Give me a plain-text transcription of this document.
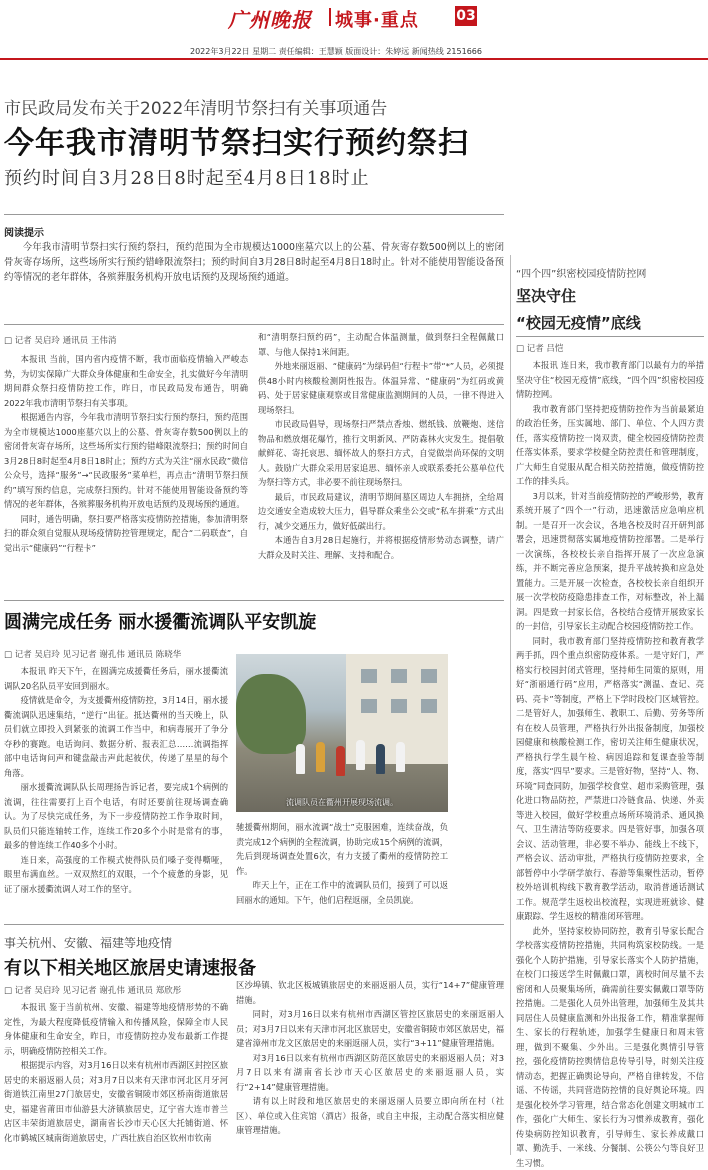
广州晚报 城事·重点	03
2022年3月22日 星期二 责任编辑：王慧颖 版面设计：朱婷远 新闻热线 2151666
市民政局发布关于2022年清明节祭扫有关事项通告
今年我市清明节祭扫实行预约祭扫
预约时间自3月28日8时起至4月8日18时止
阅读提示
今年我市清明节祭扫实行预约祭扫，预约范围为全市规模达1000座墓穴以上的公墓、骨灰寄存数500例以上的密闭骨灰寄存场所，这些场所实行预约错峰限流祭扫；预约时间自3月28日8时起至4月8日18时止。针对不能使用智能设备预约等情况的老年群体，各殡葬服务机构开放电话预约及现场预约通道。
□ 记者 吴启玲 通讯员 王伟消

本报讯 当前，国内省内疫情不断，我市面临疫情输入严峻态势，为切实保障广大群众身体健康和生命安全，扎实做好今年清明期间群众祭扫疫情防控工作，昨日，市民政局发布通告，明确2022年我市清明节祭扫有关事项。

根据通告内容，今年我市清明节祭扫实行预约祭扫，预约范围为全市规模达1000座墓穴以上的公墓、骨灰寄存数500例以上的密闭骨灰寄存场所，这些场所实行预约错峰限流祭扫；预约时间自3月28日8时起至4月8日18时止；预约方式为关注“丽水民政”微信公众号，选择“服务”→“民政服务”菜单栏，再点击“清明节祭扫预约”填写预约信息，完成祭扫预约。针对不能使用智能设备预约等情况的老年群体，各殡葬服务机构开放电话预约及现场预约通道。

同时，通告明确，祭扫要严格落实疫情防控措施，参加清明祭扫的群众须自觉服从现场疫情防控管理规定，配合“二码联查”，自觉出示“健康码”“行程卡”

和“清明祭扫预约码”，主动配合体温测量，做到祭扫全程佩戴口罩、与他人保持1米间距。

外地来丽返丽、“健康码”为绿码但“行程卡”带“*”人员，必须提供48小时内核酸检测阴性报告。体温异常、“健康码”为红码或黄码、处于居家健康观察或目常健康监测期间的人员，一律不得进入现场祭扫。

市民政局倡导，现场祭扫严禁点香烛、燃纸钱、放鞭炮、迷信物品和燃放烟花爆竹，推行文明新风、严防森林火灾发生。提倡敬献鲜花、寄托哀思、缅怀故人的祭扫方式，自觉做崇尚环保的文明人。鼓励广大群众采用居家追思、缅怀亲人或联系委托公墓单位代为祭扫等方式，非必要不前往现场祭扫。

最后，市民政局建议，清明节期间墓区周边人车拥挤，全给周边交通安全造成较大压力，倡导群众乘坐公交或“私车拼乘”方式出行，减少交通压力，做好低碳出行。

本通告自3月28日起施行，并将根据疫情形势动态调整，请广大群众及时关注、理解、支持和配合。

圆满完成任务 丽水援衢流调队平安凯旋
□ 记者 吴启玲 见习记者 谢孔伟 通讯员 陈晓华

本报讯 昨天下午，在圆满完成援衢任务后，丽水援衢流调队20名队员平安回到丽水。

疫情就是命令，为支援衢州疫情防控，3月14日，丽水援衢流调队迅速集结，“逆行”出征。抵达衢州的当天晚上，队员们就立即投入到紧张的流调工作当中，和病毒展开了争分夺秒的赛跑。电话询问、数据分析、报表汇总……流调指挥部中电话询问声和键盘敲击声此起彼伏，传递了星星的每个角落。

丽水援衢流调队队长周理扬告诉记者，要完成1个病例的流调，往往需要打上百个电话，有时还要前往现场调查确认。为了尽快完成任务，为下一步疫情防控工作争取时间，队员们只能连轴转工作，连续工作20多个小时是常有的事，最多的曾连续工作40多个小时。

连日来，高强度的工作模式使得队员们嗓子变得嘶哑，眼里布满血丝。一双双熬红的双眼，一个个疲惫的身影，见证了丽水援衢流调人对工作的坚守。

流调队员在衢州开展现场流调。

驰援衢州期间，丽水流调“战士”克服困难，连续奋战，负责完成12个病例的全程流调，协助完成15个病例的流调，先后到现场调查处置6次，有力支援了衢州的疫情防控工作。

昨天上午，正在工作中的流调队员们，接到了可以返回丽水的通知。下午，他们启程返丽，全员凯旋。

事关杭州、安徽、福建等地疫情
有以下相关地区旅居史请速报备
□ 记者 吴启玲 见习记者 谢孔伟 通讯员 郑欣彤

本报讯 鉴于当前杭州、安徽、福建等地疫情形势的不确定性，为最大程度降低疫情输入和传播风险，保障全市人民身体健康和生命安全，昨日，市疫情防控办发布最新工作提示，明确疫情防控相关工作。

根据提示内容，对3月16日以来有杭州市西湖区封控区旅居史的来丽返丽人员；对3月7日以来有天津市河北区月牙河街道铁江南里27门旅居史，安徽省铜陵市郊区桥南街道旅居史，福建省莆田市仙游县大济镇旅居史，辽宁省大连市普兰店区丰荣街道旅居史，湖南省长沙市天心区大托铺街道、怀化市鹤城区城南街道旅居史，广西壮族自治区钦州市钦南

区沙埠镇、钦北区板城镇旅居史的来丽返丽人员，实行“14+7”健康管理措施。

同时，对3月16日以来有杭州市西湖区管控区旅居史的来丽返丽人员；对3月7日以来有天津市河北区旅居史，安徽省铜陵市郊区旅居史，福建省漳州市龙文区旅居史的来丽返丽人员，实行“3+11”健康管理措施。

对3月16日以来有杭州市西湖区防范区旅居史的来丽返丽人员；对3月7日以来有湖南省长沙市天心区旅居史的来丽返丽人员，实行“2+14”健康管理措施。

请有以上时段和地区旅居史的来丽返丽人员要立即向所在村（社区）、单位或入住宾馆（酒店）报备，或自主申报，主动配合落实相应健康管理措施。

“四个四”织密校园疫情防控网
坚决守住
“校园无疫情”底线
□ 记者 吕恺

本报讯 连日来，我市教育部门以最有力的举措坚决守住“校园无疫情”底线，“四个四”织密校园疫情防控网。

我市教育部门坚持把疫情防控作为当前最紧迫的政治任务，压实属地、部门、单位、个人四方责任，落实疫情防控一岗双责，健全校园疫情防控责任落实体系，要求学校健全防控责任和管理制度，广大师生自觉服从配合相关防控措施，做疫情防控工作的排头兵。

3月以来，针对当前疫情防控的严峻形势，教育系统开展了“四个一”行动，迅速激活应急响应机制。一是召开一次会议，各地各校及时召开研判部署会，迅速贯彻落实属地疫情防控部署。二是举行一次演练，各校校长亲自指挥开展了一次应急演练，并不断完善应急预案，提升平战转换和应急处置能力。三是开展一次检查，各校校长亲自组织开展一次学校防疫隐患排查工作，对标整改，补上漏洞。四是致一封家长信，各校结合疫情开展致家长的一封信，引导家长主动配合校园疫情防控工作。

同时，我市教育部门坚持疫情防控和教育教学两手抓，四个重点织密防疫体系。一是守好门，严格实行校园封闭式管理，坚持师生同策的原则，用好“浙丽通行码”应用，严格落实“测温、查记、亮码、亮卡”等制度，严格上下学时段校门区域管控。二是管好人，加强师生、教职工、后勤、劳务等所有在校人员管理，严格执行外出报备制度，加强校园健康和核酸检测工作，密切关注师生健康状况，严格执行学生晨午检、病因追踪和复课查验等制度，落实“四早”要求。三是管好物，坚持“人、物、环境”同查同防，加强学校食堂、超市采购管理，强化进口物品防控，严禁进口冷链食品、快递、外卖等进入校园，做好学校重点场所环境消杀、通风换气、卫生清洁等防疫要求。四是管好事，加强各项会议、活动管理，非必要不举办、能线上不线下，严格会议、活动审批，严格执行疫情防控要求，全部暂停中小学研学旅行、春游等集聚性活动，暂停校外培训机构线下教育教学活动，取消普通话测试工作。规范学生返校出校流程，实现进班就诊、健康跟踪、学生返校的精准闭环管理。

此外，坚持家校协同防控，教育引导家长配合学校落实疫情防控措施，共同构筑家校防线。一是强化个人防护措施，引导家长落实个人防护措施，在校门口接送学生时佩戴口罩，离校时间尽量不去密闭和人员聚集场所，确需前往要实佩戴口罩等防控措施。二是强化人员外出管理，加强师生及其共同居住人员健康监测和外出报备工作，精准掌握师生、家长的行程轨迹，加强学生健康日和周末管理，做到不聚集、少外出。三是强化舆情引导管控，强化疫情防控舆情信息传导引导，时刻关注疫情动态，把握正确舆论导向，严格自律转发，不信谣、不传谣，共同营造防控情的良好舆论环境。四是强化校外学习管理，结合常态化创建文明城市工作，强化广大师生、家长行为习惯养成教育，强化传染病防控知识教育，引导师生、家长养成戴口罩、勤洗手、一米线、分餐制、公筷公勺等良好卫生习惯。
